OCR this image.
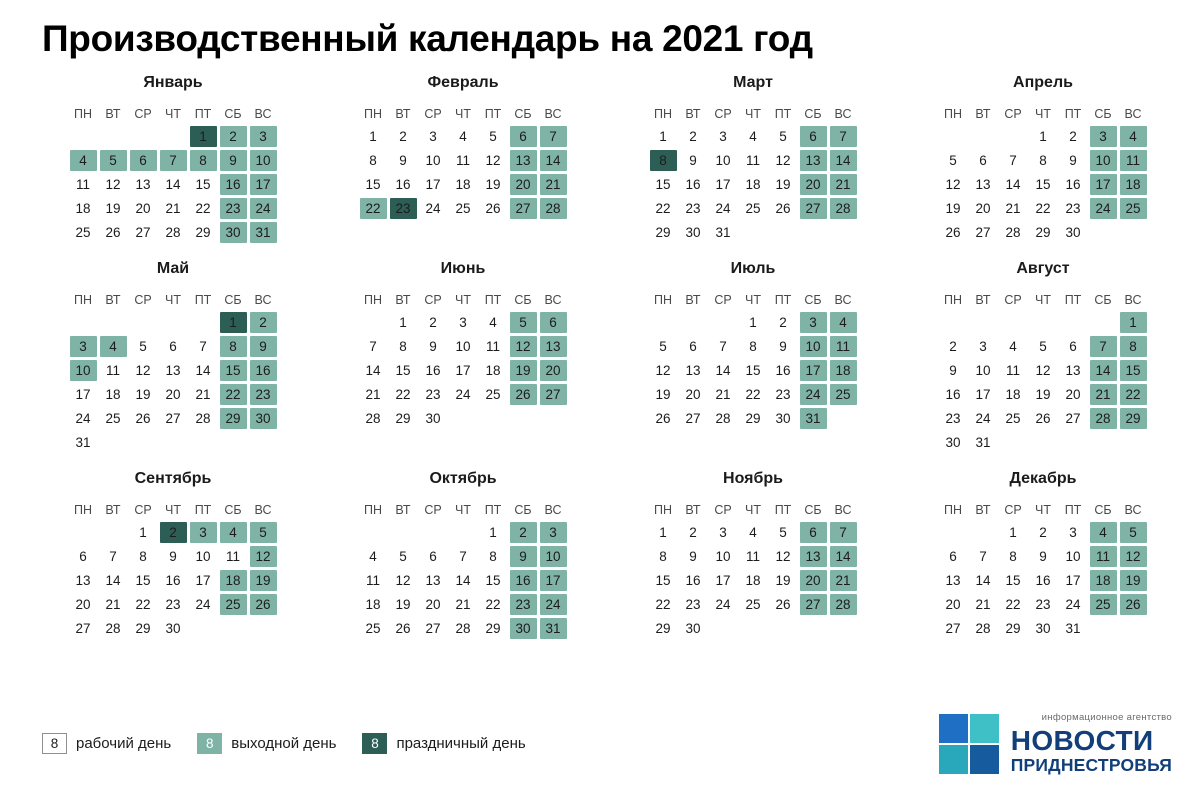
Производственный календарь на 2021 год
Январь
ПН	ВТ	СР	ЧТ	ПТ	СБ	ВС
				1	2	3
4	5	6	7	8	9	10
11	12	13	14	15	16	17
18	19	20	21	22	23	24
25	26	27	28	29	30	31
Февраль
ПН	ВТ	СР	ЧТ	ПТ	СБ	ВС
1	2	3	4	5	6	7
8	9	10	11	12	13	14
15	16	17	18	19	20	21
22	23	24	25	26	27	28
Март
ПН	ВТ	СР	ЧТ	ПТ	СБ	ВС
1	2	3	4	5	6	7
8	9	10	11	12	13	14
15	16	17	18	19	20	21
22	23	24	25	26	27	28
29	30	31				
Апрель
ПН	ВТ	СР	ЧТ	ПТ	СБ	ВС
			1	2	3	4
5	6	7	8	9	10	11
12	13	14	15	16	17	18
19	20	21	22	23	24	25
26	27	28	29	30		
Май
ПН	ВТ	СР	ЧТ	ПТ	СБ	ВС
					1	2
3	4	5	6	7	8	9
10	11	12	13	14	15	16
17	18	19	20	21	22	23
24	25	26	27	28	29	30
31						
Июнь
ПН	ВТ	СР	ЧТ	ПТ	СБ	ВС
	1	2	3	4	5	6
7	8	9	10	11	12	13
14	15	16	17	18	19	20
21	22	23	24	25	26	27
28	29	30				
Июль
ПН	ВТ	СР	ЧТ	ПТ	СБ	ВС
			1	2	3	4
5	6	7	8	9	10	11
12	13	14	15	16	17	18
19	20	21	22	23	24	25
26	27	28	29	30	31	
Август
ПН	ВТ	СР	ЧТ	ПТ	СБ	ВС
						1
2	3	4	5	6	7	8
9	10	11	12	13	14	15
16	17	18	19	20	21	22
23	24	25	26	27	28	29
30	31					
Сентябрь
ПН	ВТ	СР	ЧТ	ПТ	СБ	ВС
		1	2	3	4	5
6	7	8	9	10	11	12
13	14	15	16	17	18	19
20	21	22	23	24	25	26
27	28	29	30			
Октябрь
ПН	ВТ	СР	ЧТ	ПТ	СБ	ВС
				1	2	3
4	5	6	7	8	9	10
11	12	13	14	15	16	17
18	19	20	21	22	23	24
25	26	27	28	29	30	31
Ноябрь
ПН	ВТ	СР	ЧТ	ПТ	СБ	ВС
1	2	3	4	5	6	7
8	9	10	11	12	13	14
15	16	17	18	19	20	21
22	23	24	25	26	27	28
29	30					
Декабрь
ПН	ВТ	СР	ЧТ	ПТ	СБ	ВС
		1	2	3	4	5
6	7	8	9	10	11	12
13	14	15	16	17	18	19
20	21	22	23	24	25	26
27	28	29	30	31		
8	рабочий день	8	выходной день	8	праздничный день
информационное агентство
НОВОСТИ
ПРИДНЕСТРОВЬЯ
